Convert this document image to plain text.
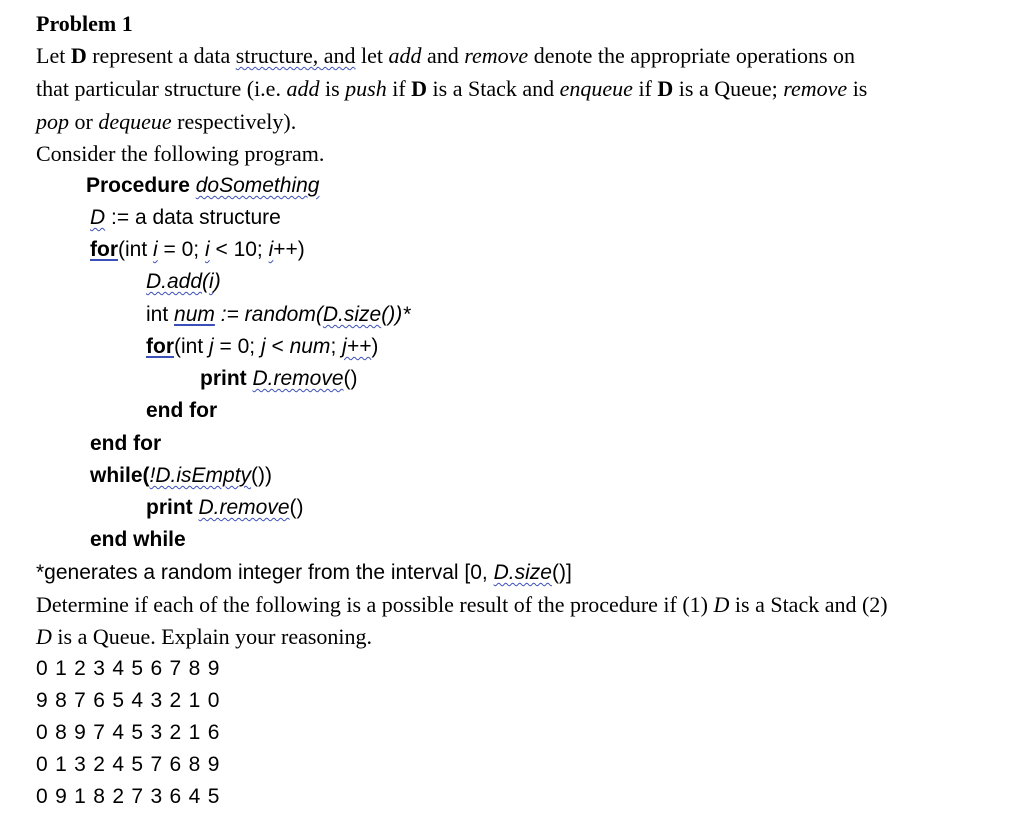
Problem 1
Let D represent a data structure, and let add and remove denote the appropriate operations on
that particular structure (i.e. add is push if D is a Stack and enqueue if D is a Queue; remove is
pop or dequeue respectively).
Consider the following program.
Procedure doSomething
D := a data structure
for(int i = 0; i < 10; i++)
D.add(i)
int num := random(D.size())*
for(int j = 0; j < num; j++)
print D.remove()
end for
end for
while(!D.isEmpty())
print D.remove()
end while
*generates a random integer from the interval [0, D.size()]
Determine if each of the following is a possible result of the procedure if (1) D is a Stack and (2)
D is a Queue. Explain your reasoning.
0123456789
9876543210
0897453216
0132457689
0918273645
